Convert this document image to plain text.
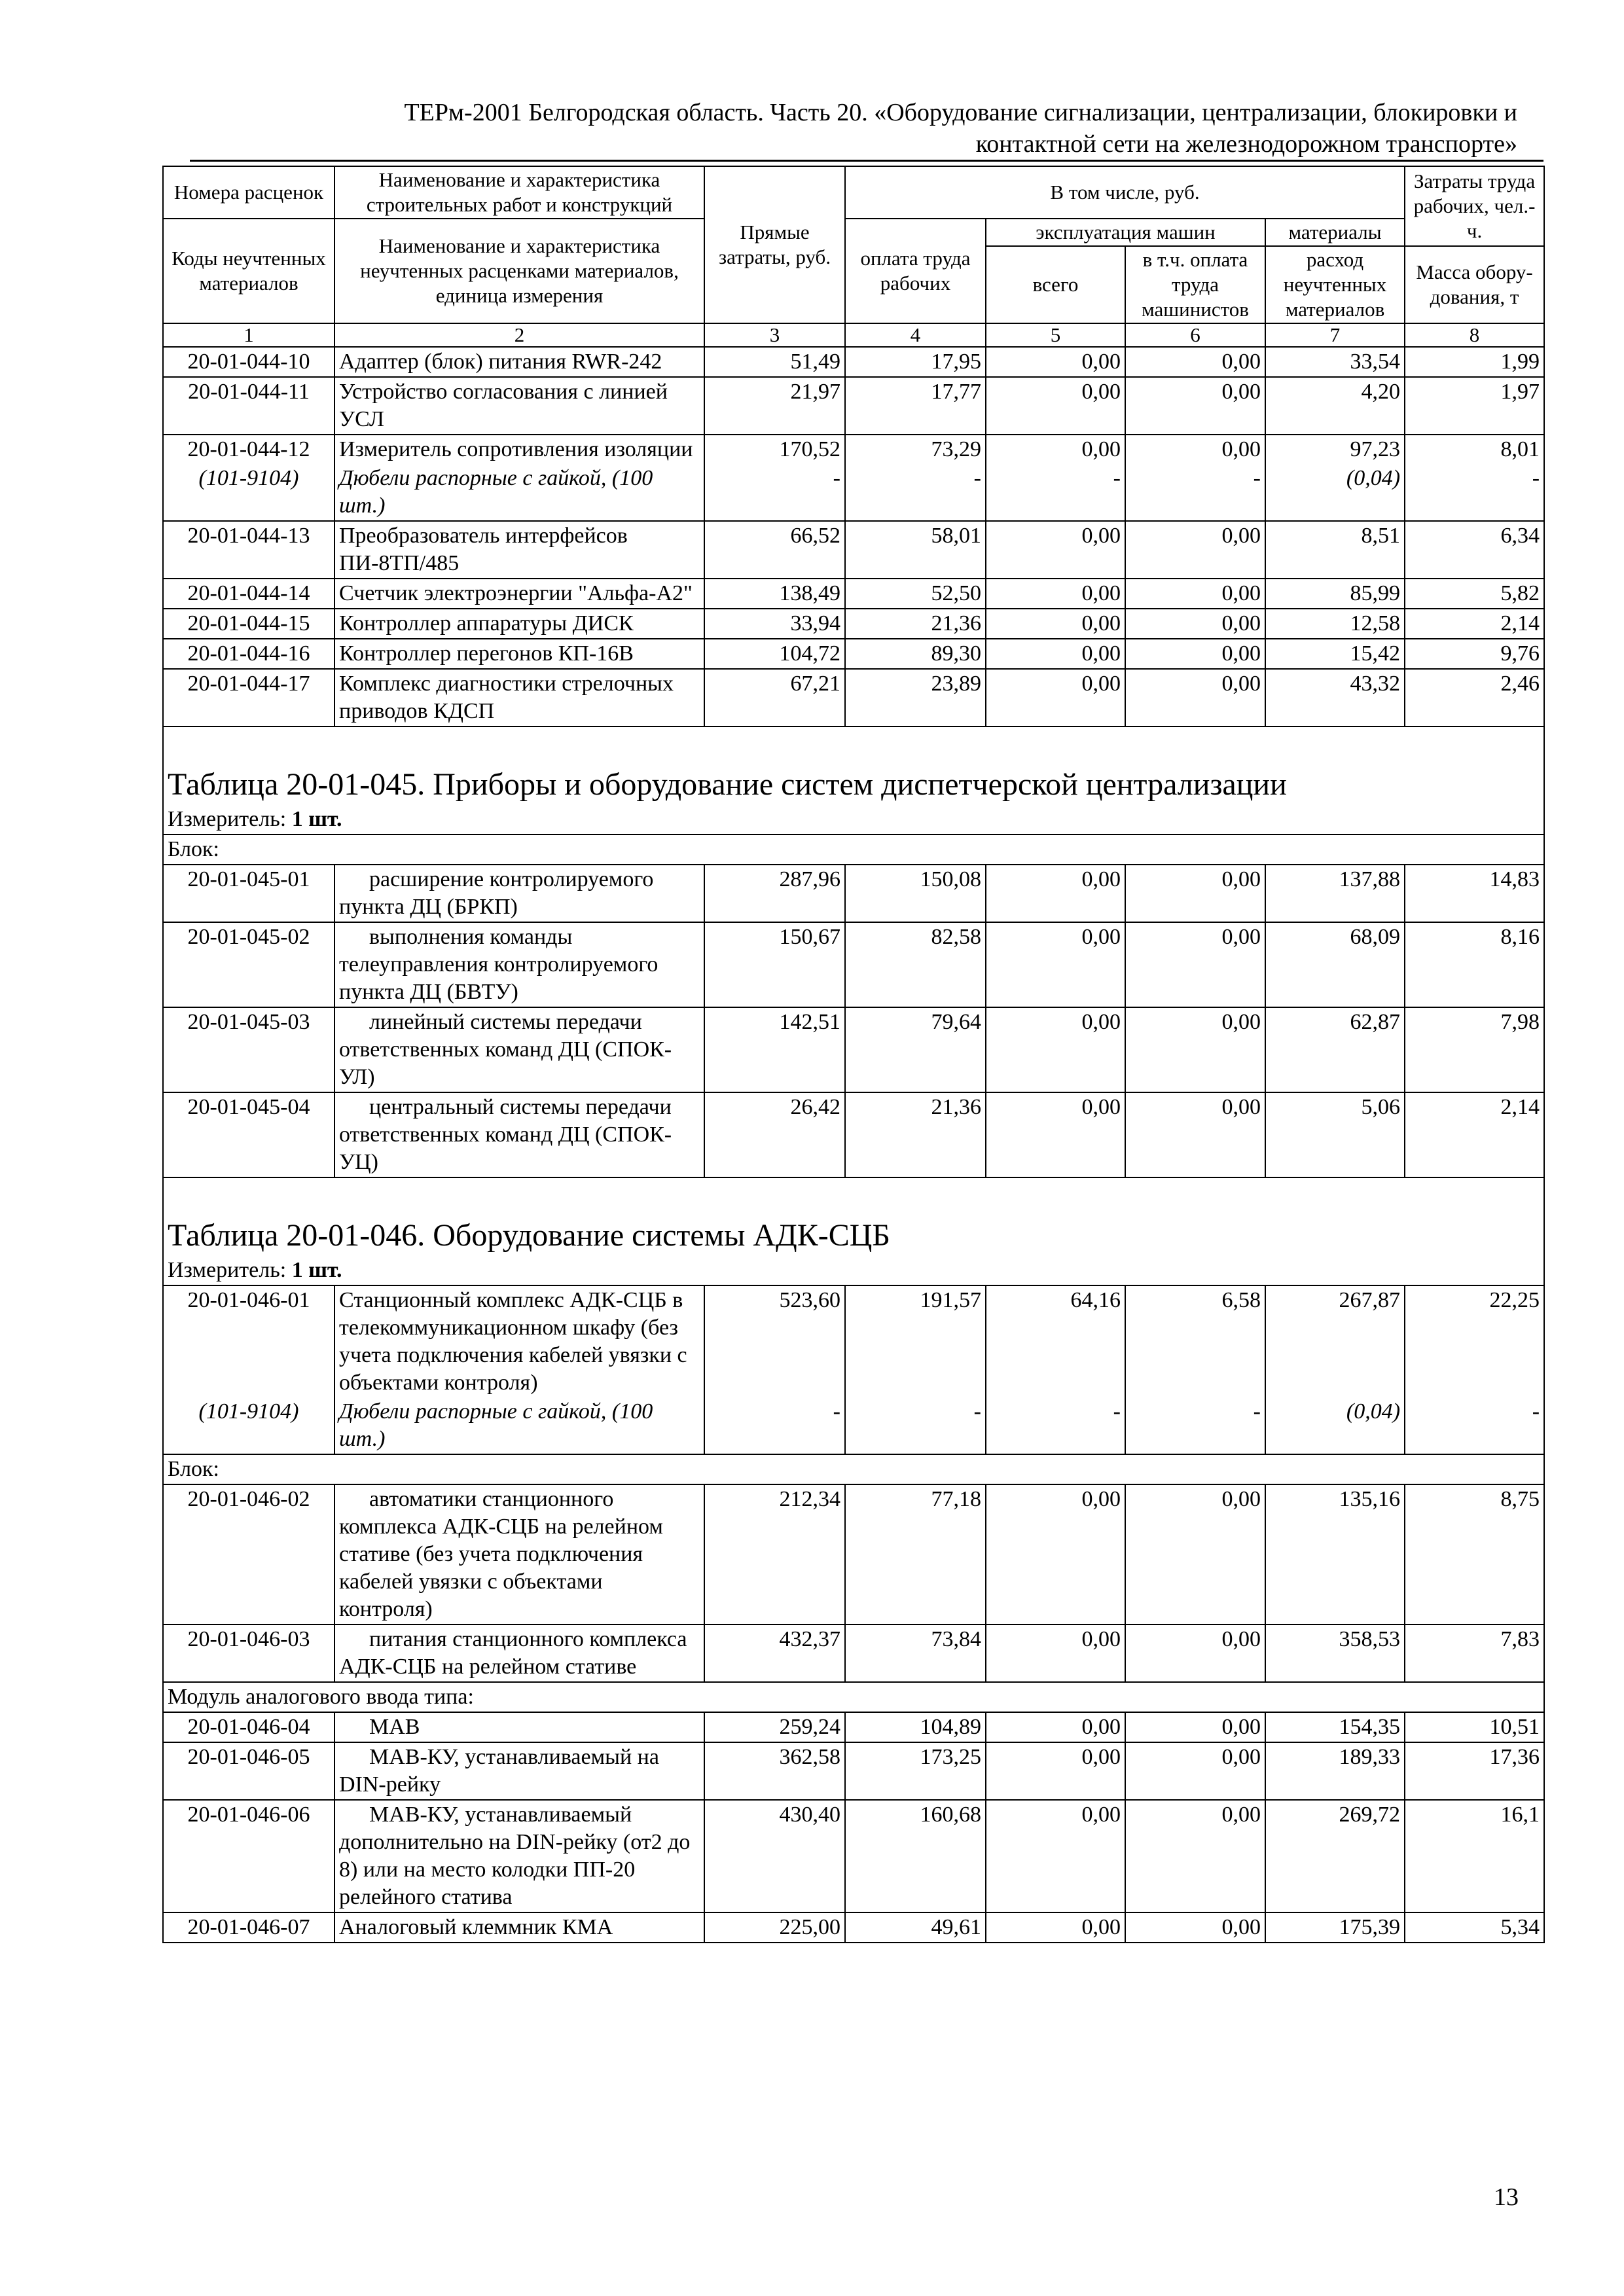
ТЕРм-2001 Белгородская область. Часть 20. «Оборудование сигнализации, централизации, блокировки и
контактной сети на железнодорожном транспорте»
Номера расценок	Наименование и характеристика строительных работ и конструкций	Прямые затраты, руб.	В том числе, руб.				Затраты труда рабочих, чел.-ч.
Коды неучтенных материалов	Наименование и характеристика неучтенных расценками материалов, единица измерения		оплата труда рабочих	эксплуатация машин		материалы	
				всего	в т.ч. оплата труда машинистов	расход неучтенных материалов	
							Масса обору-дования, т
1	2	3	4	5	6	7	8
20-01-044-10	Адаптер (блок) питания RWR-242	51,49	17,95	0,00	0,00	33,54	1,99
20-01-044-11	Устройство согласования с линией УСЛ	21,97	17,77	0,00	0,00	4,20	1,97
20-01-044-12	Измеритель сопротивления изоляции	170,52	73,29	0,00	0,00	97,23	8,01
(101-9104)	Дюбели распорные с гайкой, (100 шт.)	-	-	-	-	(0,04)	-
20-01-044-13	Преобразователь интерфейсов ПИ-8ТП/485	66,52	58,01	0,00	0,00	8,51	6,34
20-01-044-14	Счетчик электроэнергии "Альфа-А2"	138,49	52,50	0,00	0,00	85,99	5,82
20-01-044-15	Контроллер аппаратуры ДИСК	33,94	21,36	0,00	0,00	12,58	2,14
20-01-044-16	Контроллер перегонов КП-16В	104,72	89,30	0,00	0,00	15,42	9,76
20-01-044-17	Комплекс диагностики стрелочных приводов КДСП	67,21	23,89	0,00	0,00	43,32	2,46

Таблица 20-01-045. Приборы и оборудование систем диспетчерской централизации							
Измеритель: 1 шт.							
Блок:							
20-01-045-01	расширение контролируемого пункта ДЦ (БРКП)	287,96	150,08	0,00	0,00	137,88	14,83
20-01-045-02	выполнения команды телеуправления контролируемого пункта ДЦ (БВТУ)	150,67	82,58	0,00	0,00	68,09	8,16
20-01-045-03	линейный системы передачи ответственных команд ДЦ (СПОК-УЛ)	142,51	79,64	0,00	0,00	62,87	7,98
20-01-045-04	центральный системы передачи ответственных команд ДЦ (СПОК-УЦ)	26,42	21,36	0,00	0,00	5,06	2,14

Таблица 20-01-046. Оборудование системы АДК-СЦБ							
Измеритель: 1 шт.							
20-01-046-01	Станционный комплекс АДК-СЦБ в телекоммуникационном шкафу (без учета подключения кабелей увязки с объектами контроля)	523,60	191,57	64,16	6,58	267,87	22,25
(101-9104)	Дюбели распорные с гайкой, (100 шт.)	-	-	-	-	(0,04)	-
Блок:							
20-01-046-02	автоматики станционного комплекса АДК-СЦБ на релейном стативе (без учета подключения кабелей увязки с объектами контроля)	212,34	77,18	0,00	0,00	135,16	8,75
20-01-046-03	питания станционного комплекса АДК-СЦБ на релейном стативе	432,37	73,84	0,00	0,00	358,53	7,83
Модуль аналогового ввода типа:							
20-01-046-04	МАВ	259,24	104,89	0,00	0,00	154,35	10,51
20-01-046-05	МАВ-КУ, устанавливаемый на DIN-рейку	362,58	173,25	0,00	0,00	189,33	17,36
20-01-046-06	МАВ-КУ, устанавливаемый дополнительно на DIN-рейку (от2 до 8) или на место колодки ПП-20 релейного статива	430,40	160,68	0,00	0,00	269,72	16,1
20-01-046-07	Аналоговый клеммник КМА	225,00	49,61	0,00	0,00	175,39	5,34
13
